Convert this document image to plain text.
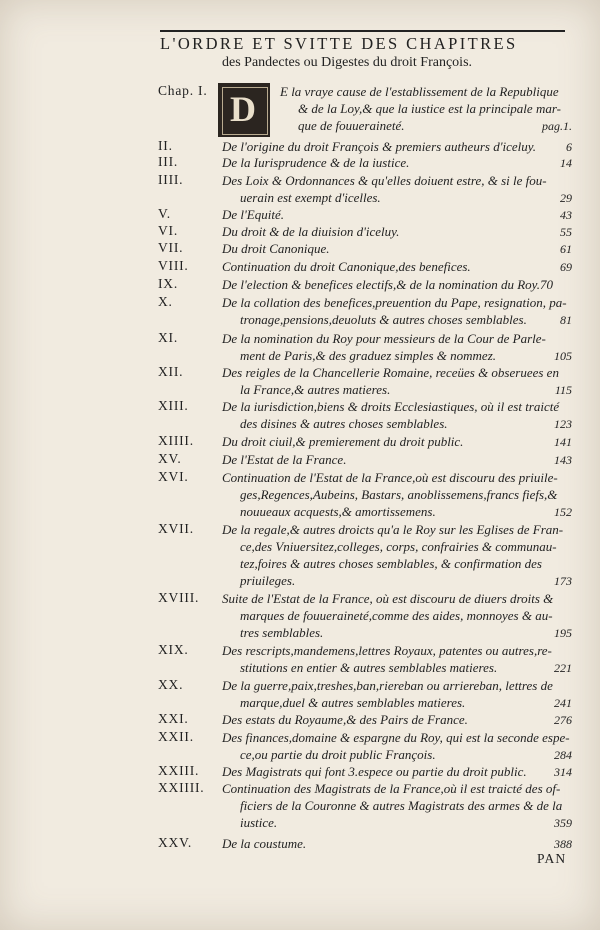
L'ORDRE ET SVITTE DES CHAPITRES
des Pandectes ou Digestes du droit François.
D
Chap. I.	E la vraye cause de l'establissement de la Republique
& de la Loy,& que la iustice est la principale mar-
que de fouueraineté.	pag.1.
II.	De l'origine du droit François & premiers autheurs d'iceluy.	6
III.	De la Iurisprudence & de la iustice.	14
IIII.	Des Loix & Ordonnances & qu'elles doiuent estre, & si le fou-
uerain est exempt d'icelles.	29
V.	De l'Equité.	43
VI.	Du droit & de la diuision d'iceluy.	55
VII.	Du droit Canonique.	61
VIII.	Continuation du droit Canonique,des benefices.	69
IX.	De l'election & benefices electifs,& de la nomination du Roy.70
X.	De la collation des benefices,preuention du Pape, resignation, pa-
tronage,pensions,deuoluts & autres choses semblables.	81
XI.	De la nomination du Roy pour messieurs de la Cour de Parle-
ment de Paris,& des graduez simples & nommez.	105
XII.	Des reigles de la Chancellerie Romaine, receües & obseruees en
la France,& autres matieres.	115
XIII.	De la iurisdiction,biens & droits Ecclesiastiques, où il est traicté
des disines & autres choses semblables.	123
XIIII. Du droit ciuil,& premierement du droit public.	141
XV.	De l'Estat de la France.	143
XVI.	Continuation de l'Estat de la France,où est discouru des priuile-
ges,Regences,Aubeins, Bastars, anoblissemens,francs fiefs,&
nouueaux acquests,& amortissemens.	152
XVII. De la regale,& autres droicts qu'a le Roy sur les Eglises de Fran-
ce,des Vniuersitez,colleges, corps, confrairies & communau-
tez,foires & autres choses semblables, & confirmation des
priuileges.	173
XVIII. Suite de l'Estat de la France, où est discouru de diuers droits &
marques de fouueraineté,comme des aides, monnoyes & au-
tres semblables.	195
XIX.	Des rescripts,mandemens,lettres Royaux, patentes ou autres,re-
stitutions en entier & autres semblables matieres.	221
XX.	De la guerre,paix,treshes,ban,riereban ou arriereban, lettres de
marque,duel & autres semblables matieres.	241
XXI.	Des estats du Royaume,& des Pairs de France.	276
XXII. Des finances,domaine & espargne du Roy, qui est la seconde espe-
ce,ou partie du droit public François.	284
XXIII. Des Magistrats qui font 3.espece ou partie du droit public.	314
XXIIII. Continuation des Magistrats de la France,où il est traicté des of-
ficiers de la Couronne & autres Magistrats des armes & de la
iustice.	359
XXV. De la coustume.	388
PAN
